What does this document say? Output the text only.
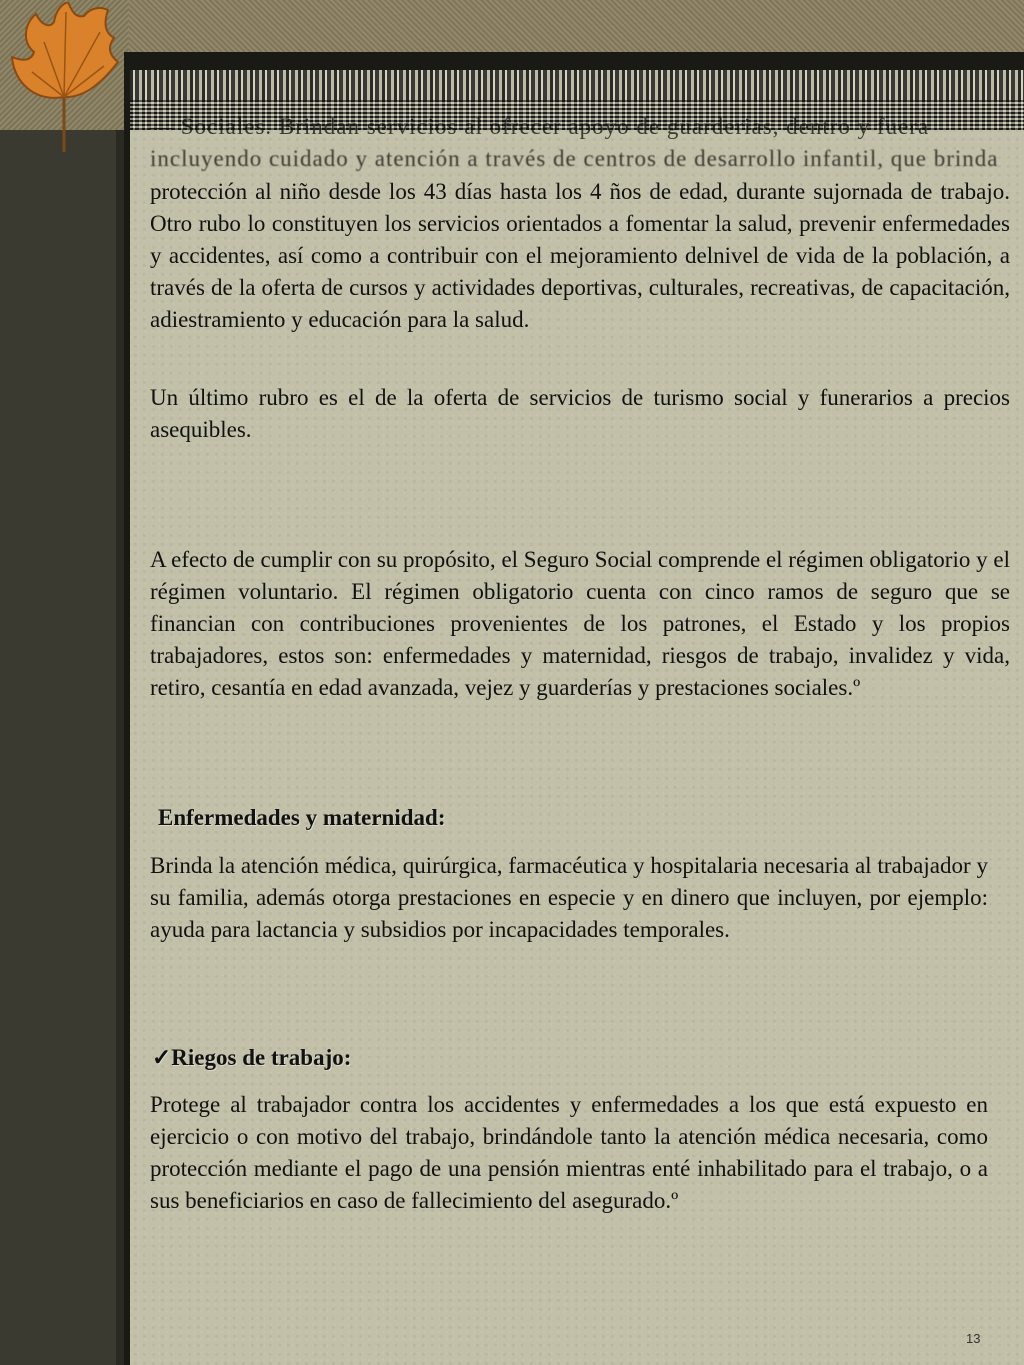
— Sociales. Brindan servicios al ofrecer apoyo de guarderias, dentro y fuera
incluyendo cuidado y atención a través de centros de desarrollo infantil, que brinda

protección al niño desde los 43 días hasta los 4 ños de edad, durante sujornada de trabajo. Otro rubo lo constituyen los servicios orientados a fomentar la salud, prevenir enfermedades y accidentes, así como a contribuir con el mejoramiento delnivel de vida de la población, a través de la oferta de cursos y actividades deportivas, culturales, recreativas, de capacitación, adiestramiento y educación para la salud.

Un último rubro es el de la oferta de servicios de turismo social y funerarios a precios asequibles.

A efecto de cumplir con su propósito, el Seguro Social comprende el régimen obligatorio y el régimen voluntario. El régimen obligatorio cuenta con cinco ramos de seguro que se financian con contribuciones provenientes de los patrones, el Estado y los propios trabajadores, estos son: enfermedades y maternidad, riesgos de trabajo, invalidez y vida, retiro, cesantía en edad avanzada, vejez y guarderías y prestaciones sociales.º

Enfermedades y maternidad:

Brinda la atención médica, quirúrgica, farmacéutica y hospitalaria necesaria al trabajador y su familia, además otorga prestaciones en especie y en dinero que incluyen, por ejemplo: ayuda para lactancia y subsidios por incapacidades temporales.

✓Riegos de trabajo:

Protege al trabajador contra los accidentes y enfermedades a los que está expuesto en ejercicio o con motivo del trabajo, brindándole tanto la atención médica necesaria, como protección mediante el pago de una pensión mientras enté inhabilitado para el trabajo, o a sus beneficiarios en caso de fallecimiento del asegurado.º

13
